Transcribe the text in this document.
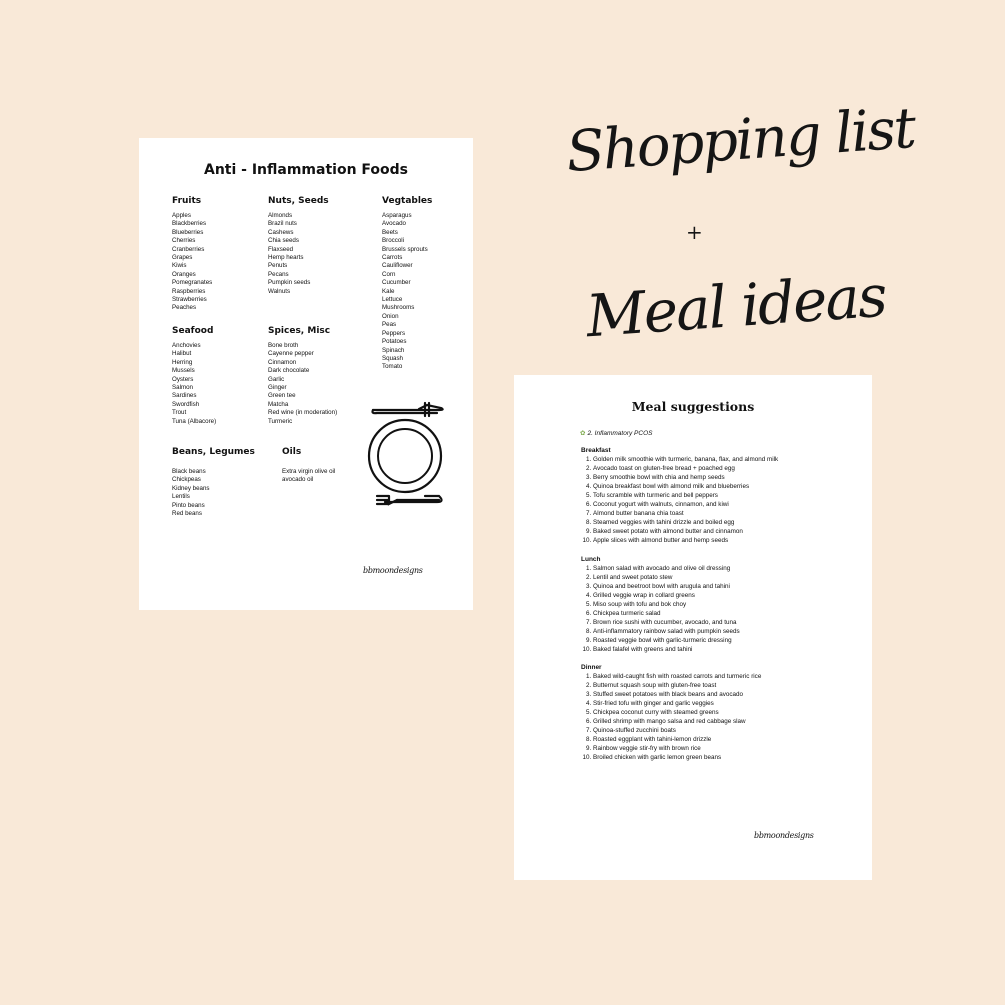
Shopping list
+
Meal ideas
Anti - Inflammation Foods
Fruits
Apples
Blackberries
Blueberries
Cherries
Cranberries
Grapes
Kiwis
Oranges
Pomegranates
Raspberries
Strawberries
Peaches
Nuts, Seeds
Almonds
Brazil nuts
Cashews
Chia seeds
Flaxseed
Hemp hearts
Penuts
Pecans
Pumpkin seeds
Walnuts
Vegtables
Asparagus
Avocado
Beets
Broccoli
Brussels sprouts
Carrots
Cauliflower
Corn
Cucumber
Kale
Lettuce
Mushrooms
Onion
Peas
Peppers
Potatoes
Spinach
Squash
Tomato
Seafood
Anchovies
Halibut
Herring
Mussels
Oysters
Salmon
Sardines
Swordfish
Trout
Tuna (Albacore)
Spices, Misc
Bone broth
Cayenne pepper
Cinnamon
Dark chocolate
Garlic
Ginger
Green tee
Matcha
Red wine (in moderation)
Turmeric
Beans, Legumes
Black beans
Chickpeas
Kidney beans
Lentils
Pinto beans
Red beans
Oils
Extra virgin olive oil
avocado oil
bbmoondesigns
Meal suggestions
✿ 2. Inflammatory PCOS
Breakfast
1. Golden milk smoothie with turmeric, banana, flax, and almond milk
2. Avocado toast on gluten-free bread + poached egg
3. Berry smoothie bowl with chia and hemp seeds
4. Quinoa breakfast bowl with almond milk and blueberries
5. Tofu scramble with turmeric and bell peppers
6. Coconut yogurt with walnuts, cinnamon, and kiwi
7. Almond butter banana chia toast
8. Steamed veggies with tahini drizzle and boiled egg
9. Baked sweet potato with almond butter and cinnamon
10. Apple slices with almond butter and hemp seeds
Lunch
1. Salmon salad with avocado and olive oil dressing
2. Lentil and sweet potato stew
3. Quinoa and beetroot bowl with arugula and tahini
4. Grilled veggie wrap in collard greens
5. Miso soup with tofu and bok choy
6. Chickpea turmeric salad
7. Brown rice sushi with cucumber, avocado, and tuna
8. Anti-inflammatory rainbow salad with pumpkin seeds
9. Roasted veggie bowl with garlic-turmeric dressing
10. Baked falafel with greens and tahini
Dinner
1. Baked wild-caught fish with roasted carrots and turmeric rice
2. Butternut squash soup with gluten-free toast
3. Stuffed sweet potatoes with black beans and avocado
4. Stir-fried tofu with ginger and garlic veggies
5. Chickpea coconut curry with steamed greens
6. Grilled shrimp with mango salsa and red cabbage slaw
7. Quinoa-stuffed zucchini boats
8. Roasted eggplant with tahini-lemon drizzle
9. Rainbow veggie stir-fry with brown rice
10. Broiled chicken with garlic lemon green beans
bbmoondesigns
